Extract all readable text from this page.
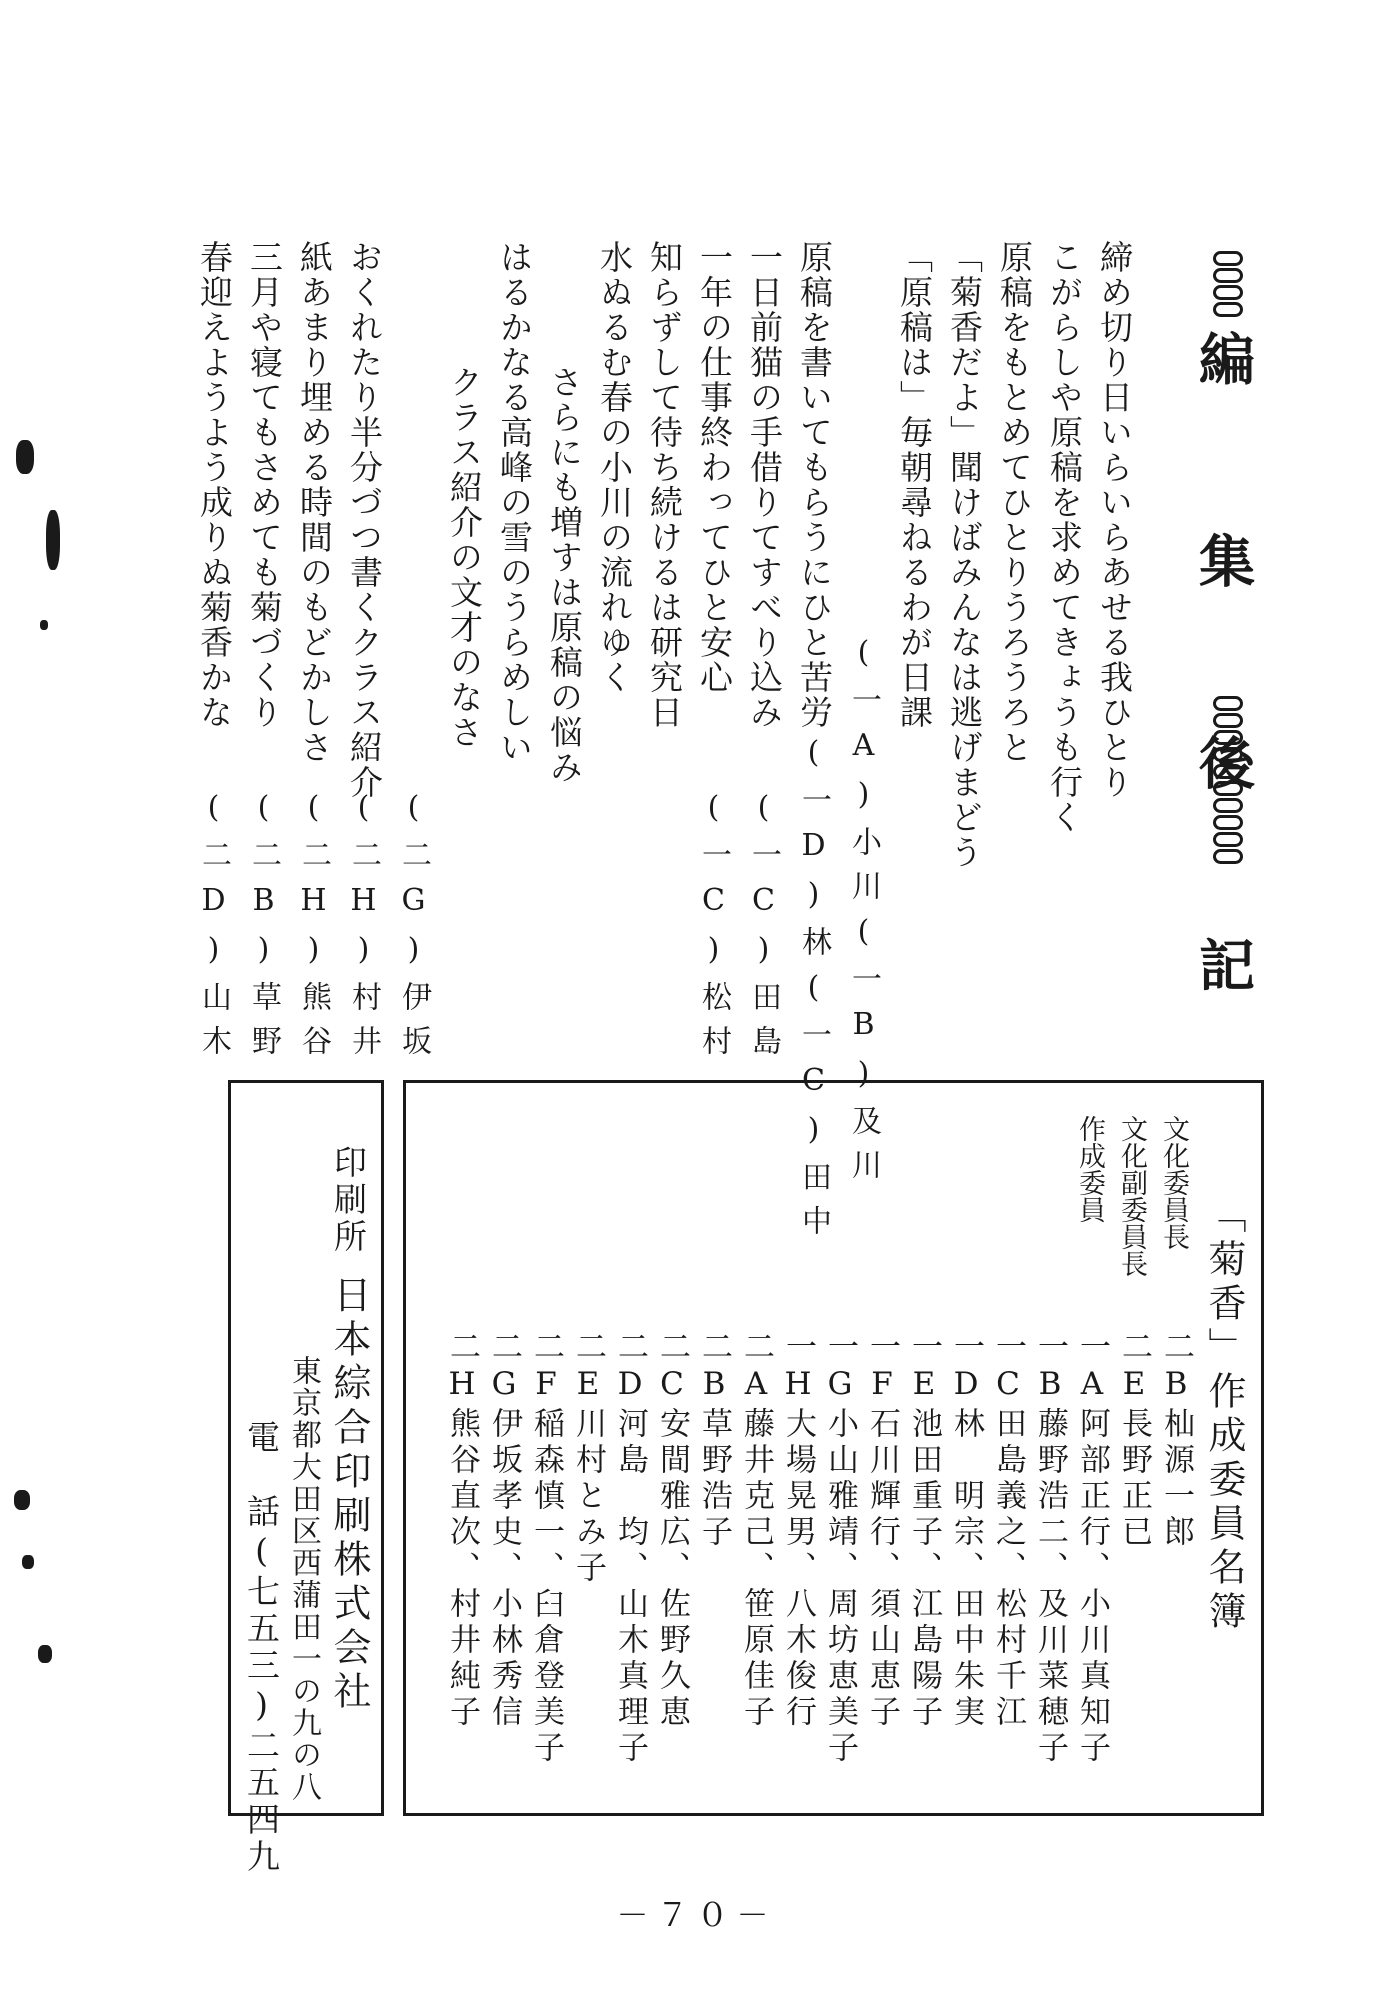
編 集 後 記
締め切り日いらいらあせる我ひとり
こがらしや原稿を求めてきょうも行く
原稿をもとめてひとりうろうろと
「菊香だよ」聞けばみんなは逃げまどう
「原稿は」毎朝尋ねるわが日課
(一A)小川(一B)及川
原稿を書いてもらうにひと苦労
一日前猫の手借りてすべり込み
(一D)林(一C)田中
一年の仕事終わってひと安心
(一C)田島
知らずして待ち続けるは研究日
(一C)松村
水ぬるむ春の小川の流れゆく
　さらにも増すは原稿の悩み
はるかなる高峰の雪のうらめしい
　クラス紹介の文才のなさ
(二G)伊坂
おくれたり半分づつ書くクラス紹介
(二H)村井
紙あまり埋める時間のもどかしさ
(二H)熊谷
三月や寝てもさめても菊づくり
(二B)草野
春迎えようよう成りぬ菊香かな
(二D)山木
「菊香」作成委員名簿
文化委員長
二B杣源一郎
文化副委員長
二E長野正已
作成委員
一A阿部正行、小川真知子
一B藤野浩二、及川菜穂子
一C田島義之、松村千江
一D林　明宗、田中朱実
一E池田重子、江島陽子
一F石川輝行、須山恵子
一G小山雅靖、周坊恵美子
一H大場晃男、八木俊行
二A藤井克己、笹原佳子
二B草野浩子
二C安間雅広、佐野久恵
二D河島　均、山木真理子
二E川村とみ子
二F稲森慎一、臼倉登美子
二G伊坂孝史、小林秀信
二H熊谷直次、村井純子
印刷所
日本綜合印刷株式会社
東京都大田区西蒲田一の九の八
電　話(七五三)二五四九
－７０－
